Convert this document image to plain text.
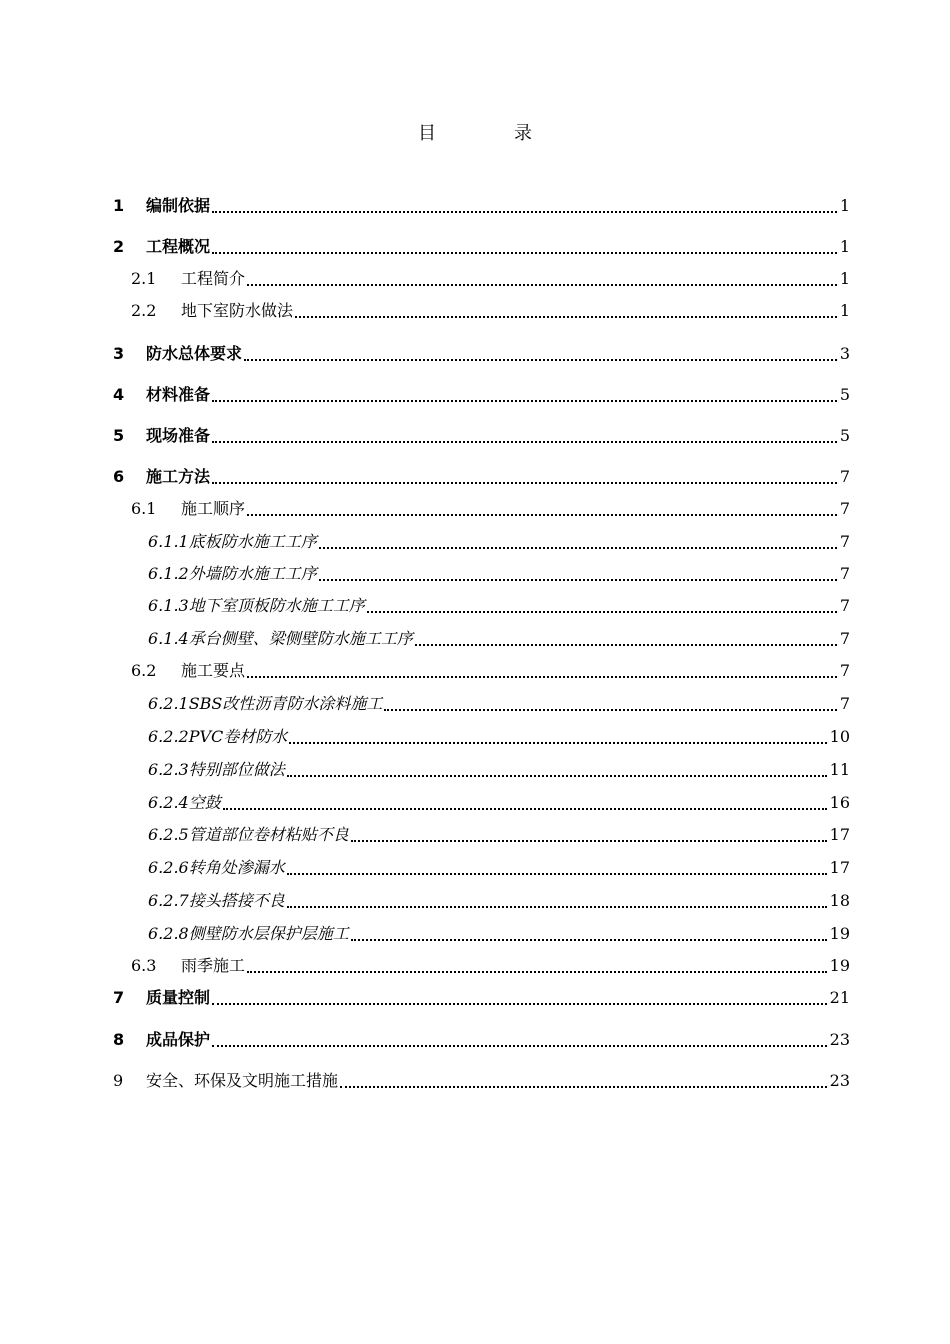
目	录
1 编制依据	1
2 工程概况	1
2.1 工程简介	1
2.2 地下室防水做法	1
3 防水总体要求	3
4 材料准备	5
5 现场准备	5
6 施工方法	7
6.1 施工顺序	7
6.1.1底板防水施工工序	7
6.1.2外墙防水施工工序	7
6.1.3地下室顶板防水施工工序	7
6.1.4承台侧壁、梁侧壁防水施工工序	7
6.2 施工要点	7
6.2.1SBS改性沥青防水涂料施工	7
6.2.2PVC卷材防水	10
6.2.3特别部位做法	11
6.2.4空鼓	16
6.2.5管道部位卷材粘贴不良	17
6.2.6转角处渗漏水	17
6.2.7接头搭接不良	18
6.2.8侧壁防水层保护层施工	19
6.3 雨季施工	19
7 质量控制	21
8 成品保护	23
9 安全、环保及文明施工措施	23
